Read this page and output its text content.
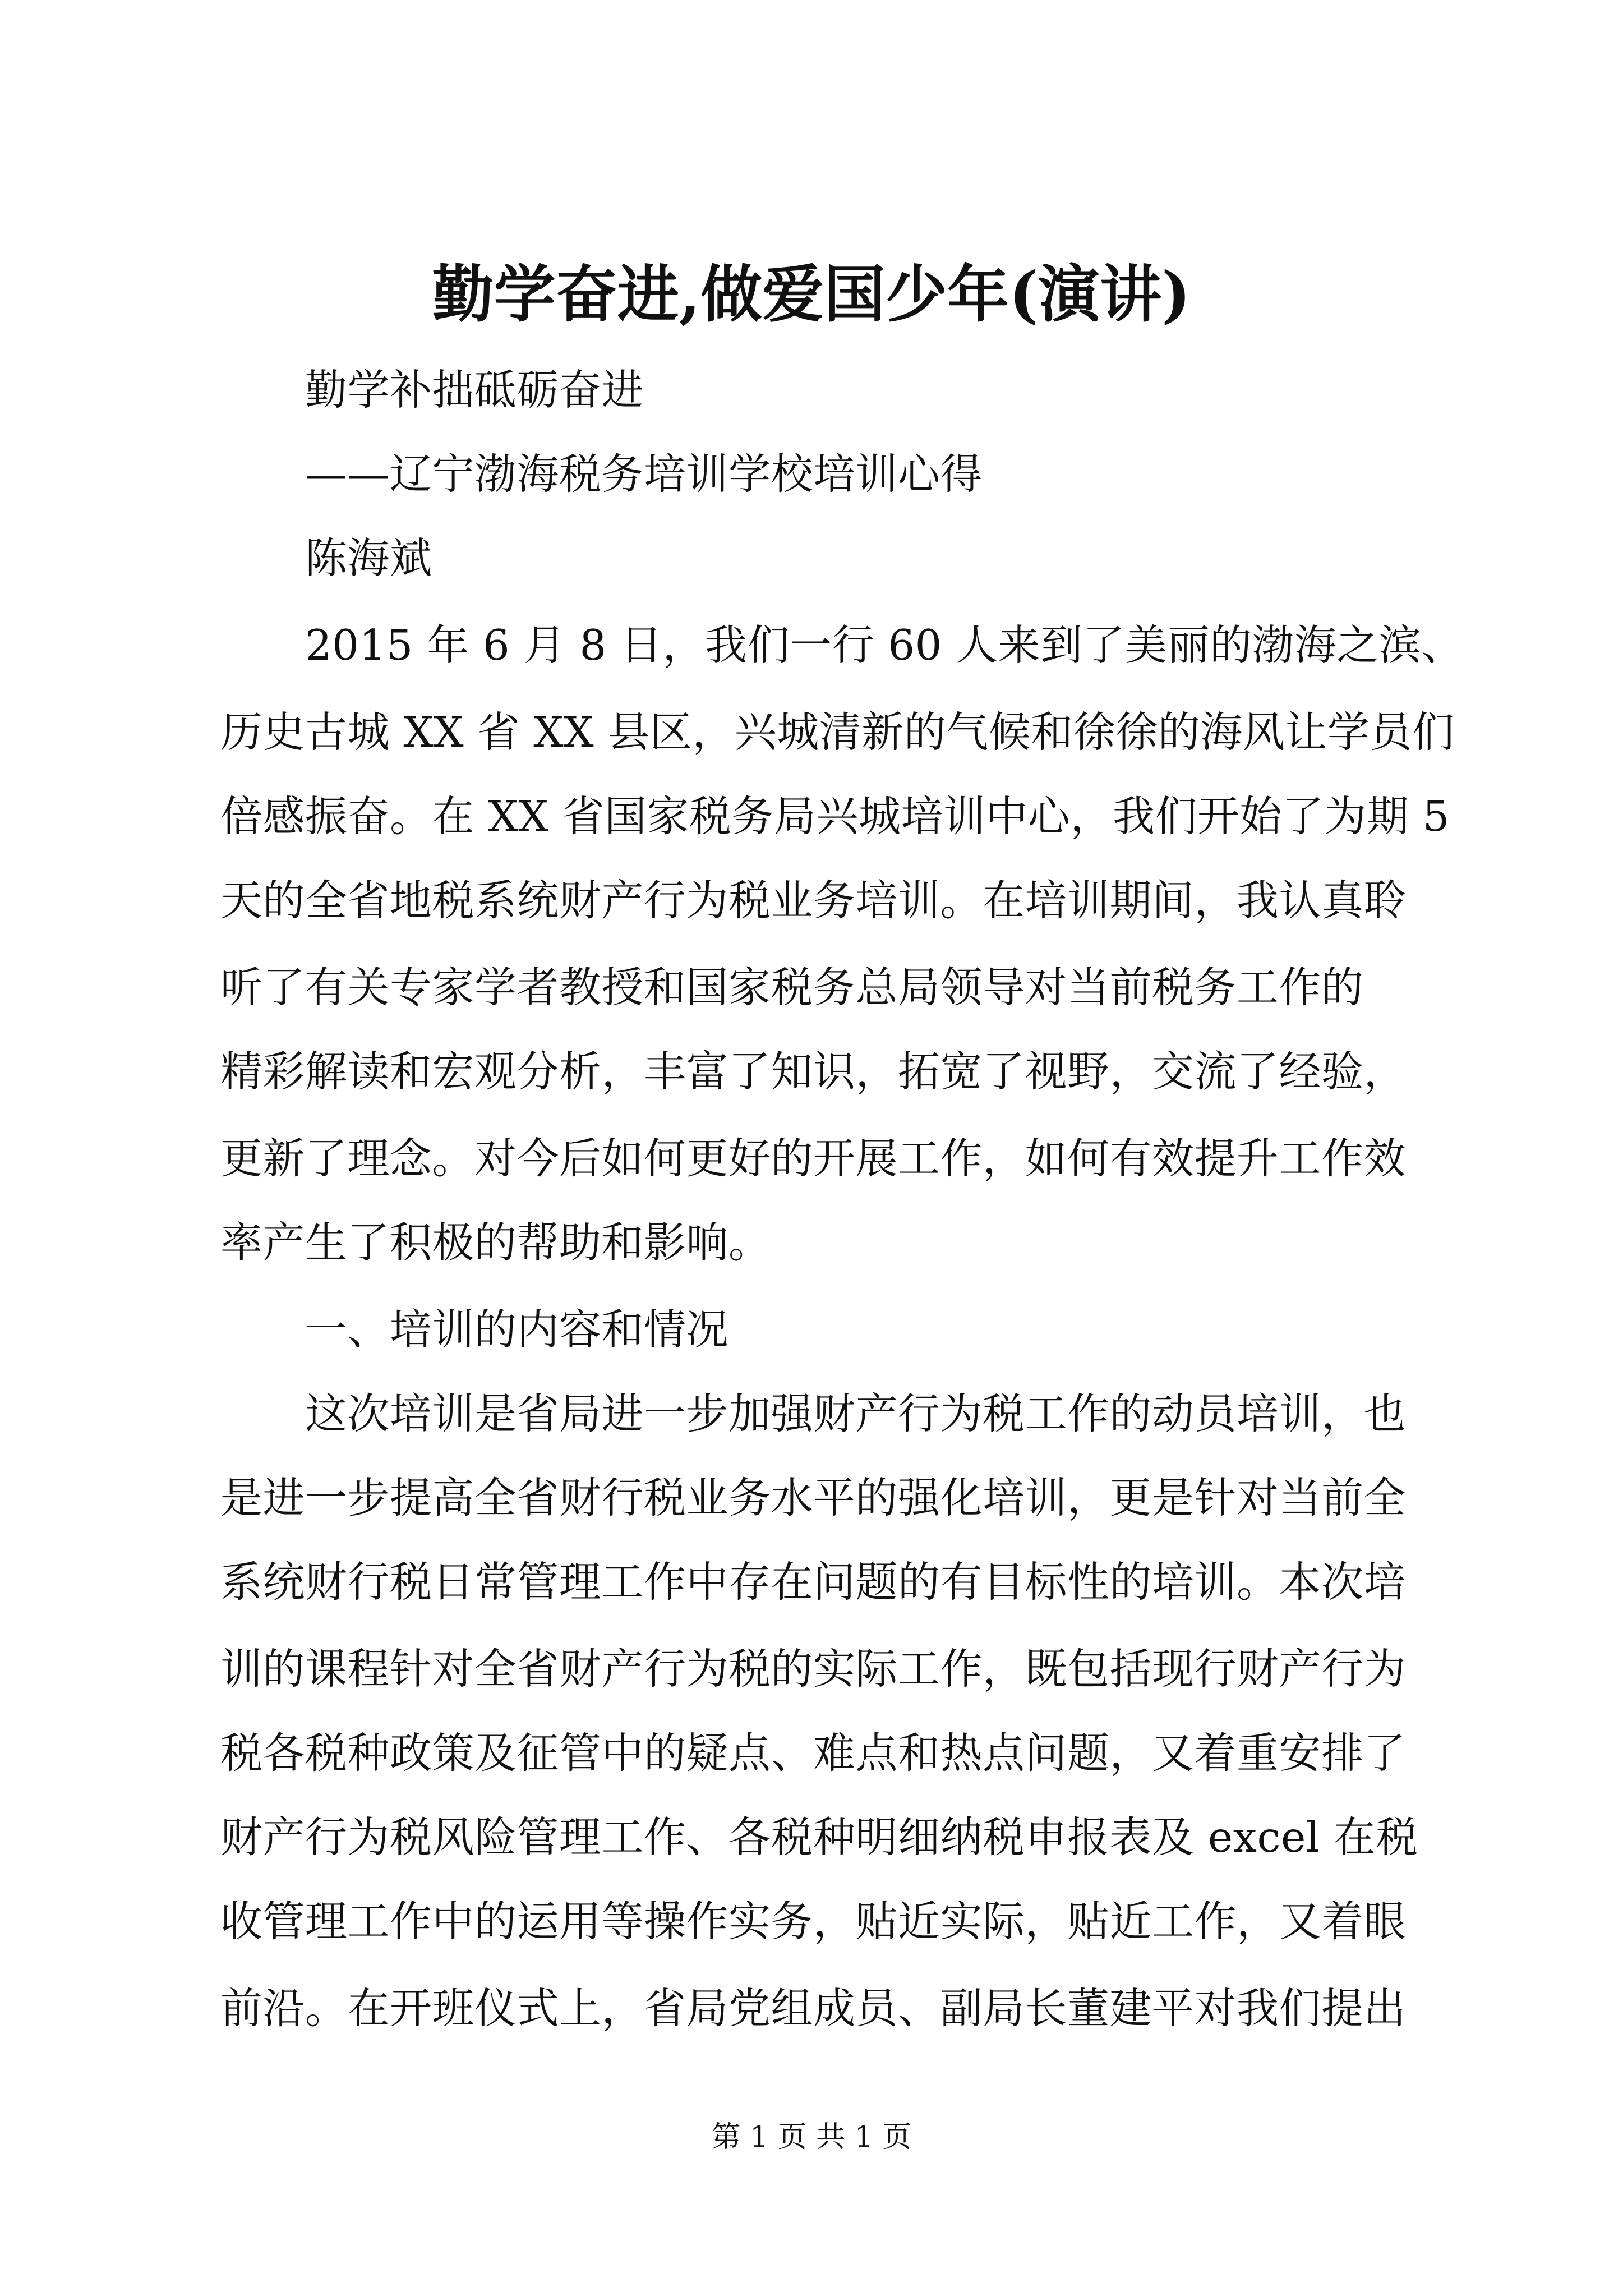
勤学奋进,做爱国少年(演讲)
　　勤学补拙砥砺奋进
　　——辽宁渤海税务培训学校培训心得
　　陈海斌
　　2015 年 6 月 8 日，我们一行 60 人来到了美丽的渤海之滨、
历史古城 XX 省 XX 县区，兴城清新的气候和徐徐的海风让学员们
倍感振奋。在 XX 省国家税务局兴城培训中心，我们开始了为期 5
天的全省地税系统财产行为税业务培训。在培训期间，我认真聆
听了有关专家学者教授和国家税务总局领导对当前税务工作的
精彩解读和宏观分析，丰富了知识，拓宽了视野，交流了经验，
更新了理念。对今后如何更好的开展工作，如何有效提升工作效
率产生了积极的帮助和影响。
　　一、培训的内容和情况
　　这次培训是省局进一步加强财产行为税工作的动员培训，也
是进一步提高全省财行税业务水平的强化培训，更是针对当前全
系统财行税日常管理工作中存在问题的有目标性的培训。本次培
训的课程针对全省财产行为税的实际工作，既包括现行财产行为
税各税种政策及征管中的疑点、难点和热点问题，又着重安排了
财产行为税风险管理工作、各税种明细纳税申报表及 excel 在税
收管理工作中的运用等操作实务，贴近实际，贴近工作，又着眼
前沿。在开班仪式上，省局党组成员、副局长董建平对我们提出
第 1 页 共 1 页
